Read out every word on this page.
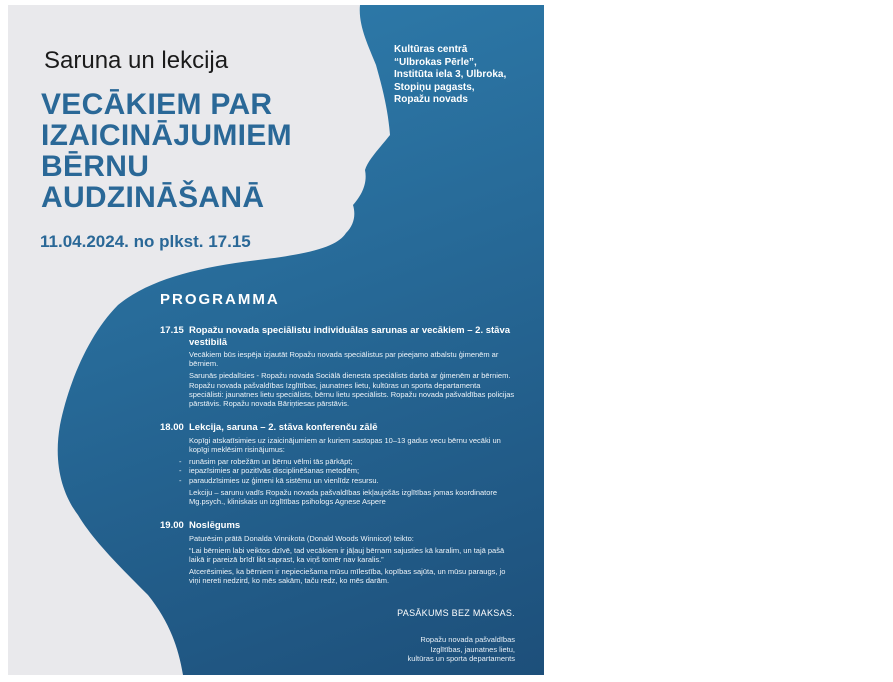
Saruna un lekcija
VECĀKIEM PAR
IZAICINĀJUMIEM
BĒRNU
AUDZINĀŠANĀ
11.04.2024. no plkst. 17.15

Kultūras centrā
“Ulbrokas Pērle”,
Institūta iela 3, Ulbroka,
Stopiņu pagasts,
Ropažu novads

PROGRAMMA
17.15 Ropažu novada speciālistu individuālas sarunas ar vecākiem – 2. stāva vestibilā

Vecākiem būs iespēja izjautāt Ropažu novada speciālistus par pieejamo atbalstu ģimenēm ar bērniem.

Sarunās piedalīsies - Ropažu novada Sociālā dienesta speciālists darbā ar ģimenēm ar bērniem. Ropažu novada pašvaldības Izglītības, jaunatnes lietu, kultūras un sporta departamenta speciālisti: jaunatnes lietu speciālists, bērnu lietu speciālists. Ropažu novada pašvaldības policijas pārstāvis. Ropažu novada Bāriņtiesas pārstāvis.

18.00 Lekcija, saruna – 2. stāva konferenču zālē

Kopīgi atskatīsimies uz izaicinājumiem ar kuriem sastopas 10–13 gadus vecu bērnu vecāki un kopīgi meklēsim risinājumus:

- runāsim par robežām un bērnu vēlmi tās pārkāpt;
- iepazīsimies ar pozitīvās disciplinēšanas metodēm;
- paraudzīsimies uz ģimeni kā sistēmu un vienlīdz resursu.

Lekciju – sarunu vadīs Ropažu novada pašvaldības iekļaujošās izglītības jomas koordinatore Mg.psych., kliniskais un izglītības psihologs Agnese Aspere

19.00 Noslēgums

Paturēsim prātā Donalda Vinnikota (Donald Woods Winnicot) teikto:

“Lai bērniem labi veiktos dzīvē, tad vecākiem ir jāļauj bērnam sajusties kā karalim, un tajā pašā laikā ir pareizā brīdī likt saprast, ka viņš tomēr nav karalis.”

Atcerēsimies, ka bērniem ir nepieciešama mūsu mīlestība, kopības sajūta, un mūsu paraugs, jo viņi nereti nedzird, ko mēs sakām, taču redz, ko mēs darām.

PASĀKUMS BEZ MAKSAS.
Ropažu novada pašvaldības
Izglītības, jaunatnes lietu,
kultūras un sporta departaments
